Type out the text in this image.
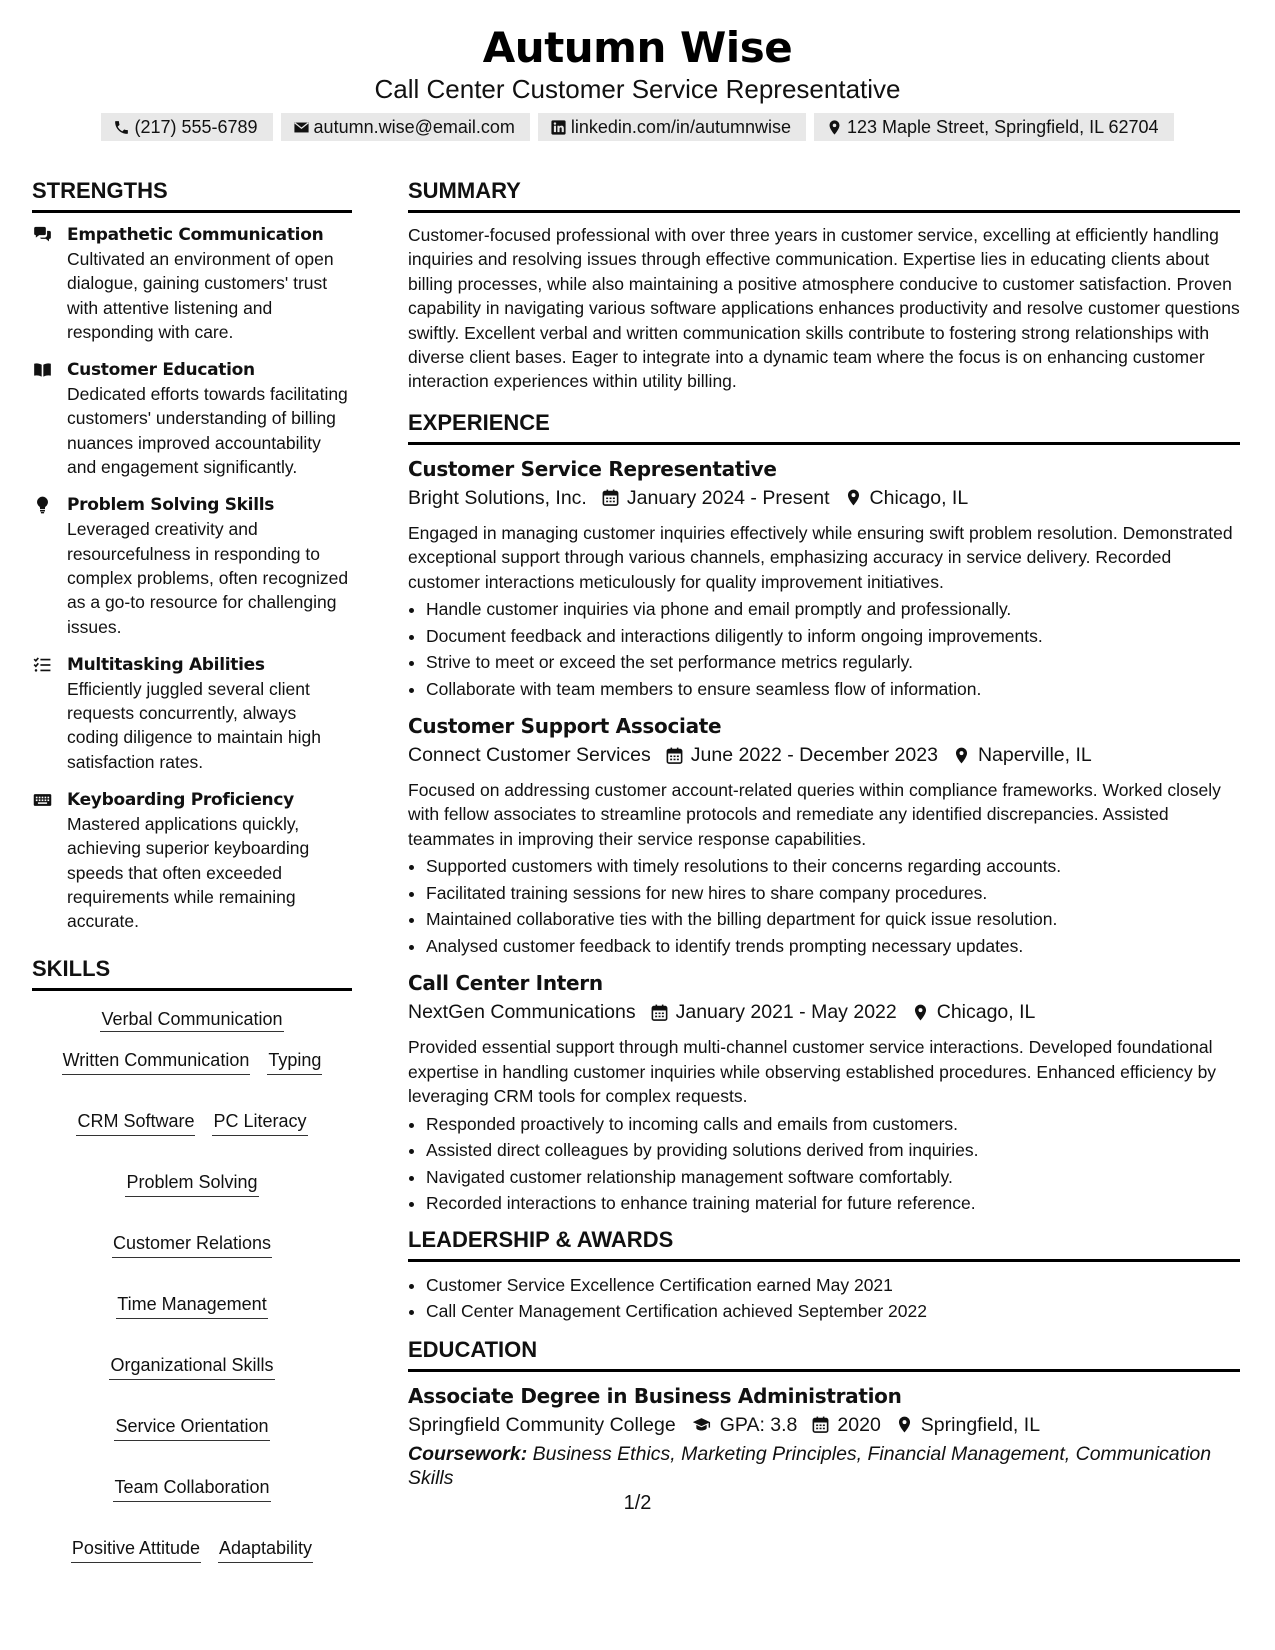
Autumn Wise
Call Center Customer Service Representative
(217) 555-6789	autumn.wise@email.com	linkedin.com/in/autumnwise	123 Maple Street, Springfield, IL 62704
STRENGTHS
Empathetic Communication
Cultivated an environment of open dialogue, gaining customers' trust with attentive listening and responding with care.
Customer Education
Dedicated efforts towards facilitating customers' understanding of billing nuances improved accountability and engagement significantly.
Problem Solving Skills
Leveraged creativity and resourcefulness in responding to complex problems, often recognized as a go-to resource for challenging issues.
Multitasking Abilities
Efficiently juggled several client requests concurrently, always coding diligence to maintain high satisfaction rates.
Keyboarding Proficiency
Mastered applications quickly, achieving superior keyboarding speeds that often exceeded requirements while remaining accurate.
SKILLS
Verbal Communication
Written Communication Typing
CRM Software PC Literacy
Problem Solving
Customer Relations
Time Management
Organizational Skills
Service Orientation
Team Collaboration
Positive Attitude Adaptability
SUMMARY

Customer-focused professional with over three years in customer service, excelling at efficiently handling inquiries and resolving issues through effective communication. Expertise lies in educating clients about billing processes, while also maintaining a positive atmosphere conducive to customer satisfaction. Proven capability in navigating various software applications enhances productivity and resolve customer questions swiftly. Excellent verbal and written communication skills contribute to fostering strong relationships with diverse client bases. Eager to integrate into a dynamic team where the focus is on enhancing customer interaction experiences within utility billing.

EXPERIENCE
Customer Service Representative
Bright Solutions, Inc. January 2024 - Present Chicago, IL

Engaged in managing customer inquiries effectively while ensuring swift problem resolution. Demonstrated exceptional support through various channels, emphasizing accuracy in service delivery. Recorded customer interactions meticulously for quality improvement initiatives.

• Handle customer inquiries via phone and email promptly and professionally.
• Document feedback and interactions diligently to inform ongoing improvements.
• Strive to meet or exceed the set performance metrics regularly.
• Collaborate with team members to ensure seamless flow of information.
Customer Support Associate
Connect Customer Services June 2022 - December 2023 Naperville, IL

Focused on addressing customer account-related queries within compliance frameworks. Worked closely with fellow associates to streamline protocols and remediate any identified discrepancies. Assisted teammates in improving their service response capabilities.

• Supported customers with timely resolutions to their concerns regarding accounts.
• Facilitated training sessions for new hires to share company procedures.
• Maintained collaborative ties with the billing department for quick issue resolution.
• Analysed customer feedback to identify trends prompting necessary updates.
Call Center Intern
NextGen Communications January 2021 - May 2022 Chicago, IL

Provided essential support through multi-channel customer service interactions. Developed foundational expertise in handling customer inquiries while observing established procedures. Enhanced efficiency by leveraging CRM tools for complex requests.

• Responded proactively to incoming calls and emails from customers.
• Assisted direct colleagues by providing solutions derived from inquiries.
• Navigated customer relationship management software comfortably.
• Recorded interactions to enhance training material for future reference.
LEADERSHIP & AWARDS
• Customer Service Excellence Certification earned May 2021
• Call Center Management Certification achieved September 2022
EDUCATION
Associate Degree in Business Administration
Springfield Community College GPA: 3.8 2020 Springfield, IL
Coursework: Business Ethics, Marketing Principles, Financial Management, Communication Skills
1/2
